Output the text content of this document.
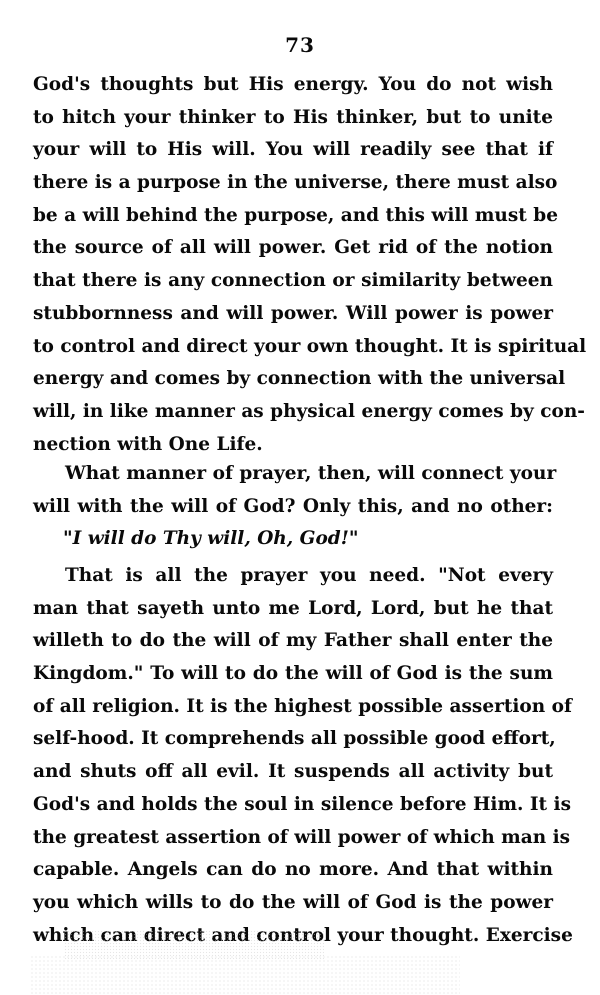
73
God's thoughts but His energy. You do not wish
to hitch your thinker to His thinker, but to unite
your will to His will. You will readily see that if
there is a purpose in the universe, there must also
be a will behind the purpose, and this will must be
the source of all will power. Get rid of the notion
that there is any connection or similarity between
stubbornness and will power. Will power is power
to control and direct your own thought. It is spiritual
energy and comes by connection with the universal
will, in like manner as physical energy comes by con-
nection with One Life.
What manner of prayer, then, will connect your
will with the will of God? Only this, and no other:
"I will do Thy will, Oh, God!"
That is all the prayer you need. "Not every
man that sayeth unto me Lord, Lord, but he that
willeth to do the will of my Father shall enter the
Kingdom." To will to do the will of God is the sum
of all religion. It is the highest possible assertion of
self-hood. It comprehends all possible good effort,
and shuts off all evil. It suspends all activity but
God's and holds the soul in silence before Him. It is
the greatest assertion of will power of which man is
capable. Angels can do no more. And that within
you which wills to do the will of God is the power
which can direct and control your thought. Exercise
